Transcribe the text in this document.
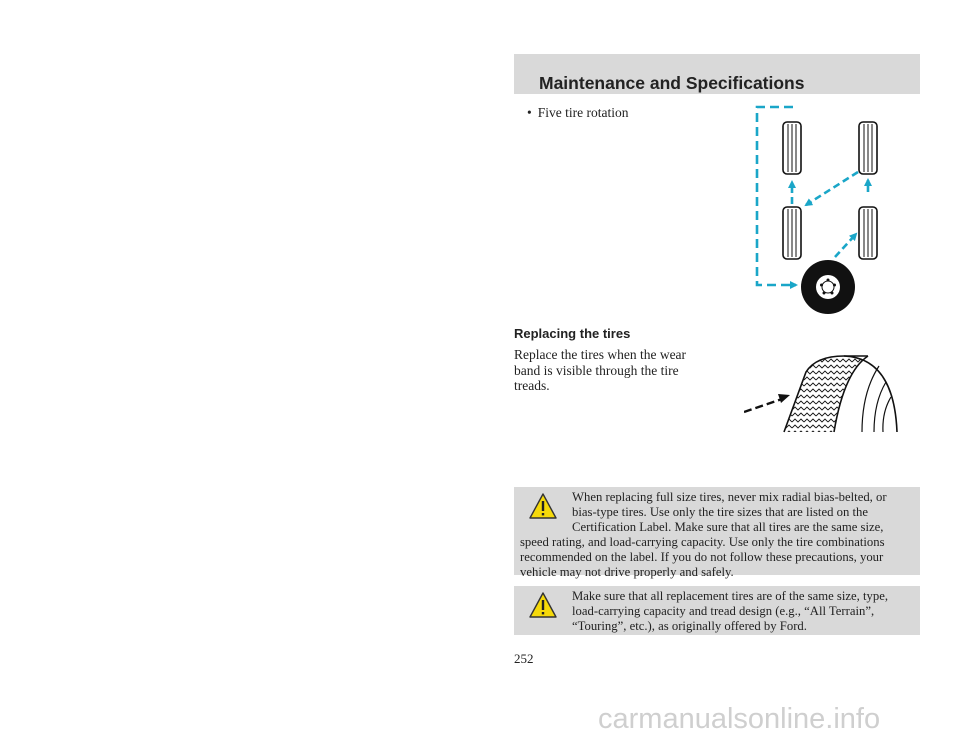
Maintenance and Specifications
• Five tire rotation
Replacing the tires
Replace the tires when the wear band is visible through the tire treads.
When replacing full size tires, never mix radial bias-belted, or bias-type tires. Use only the tire sizes that are listed on the Certification Label. Make sure that all tires are the same size, speed rating, and load-carrying capacity. Use only the tire combinations recommended on the label. If you do not follow these precautions, your vehicle may not drive properly and safely.
Make sure that all replacement tires are of the same size, type, load-carrying capacity and tread design (e.g., “All Terrain”, “Touring”, etc.), as originally offered by Ford.
252
carmanualsonline.info
